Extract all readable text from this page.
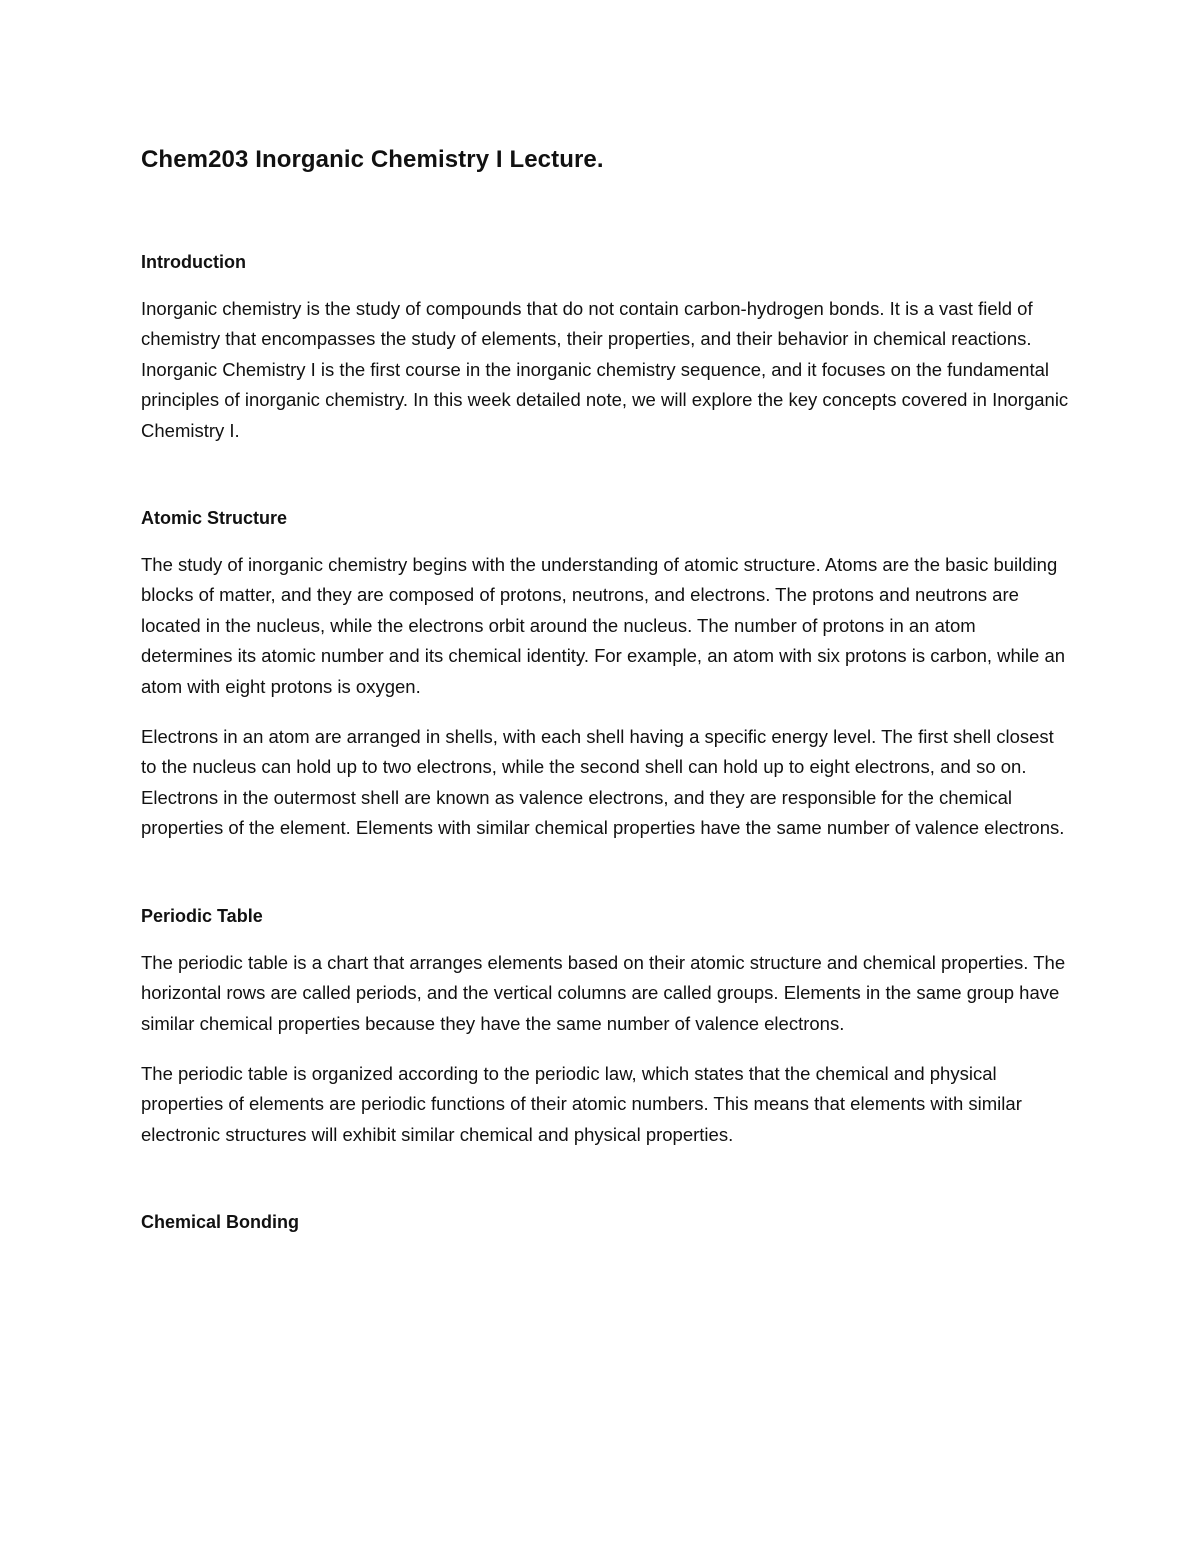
Chem203 Inorganic Chemistry I Lecture.
Introduction

Inorganic chemistry is the study of compounds that do not contain carbon-hydrogen bonds. It is a vast field of chemistry that encompasses the study of elements, their properties, and their behavior in chemical reactions. Inorganic Chemistry I is the first course in the inorganic chemistry sequence, and it focuses on the fundamental principles of inorganic chemistry. In this week detailed note, we will explore the key concepts covered in Inorganic Chemistry I.

Atomic Structure

The study of inorganic chemistry begins with the understanding of atomic structure. Atoms are the basic building blocks of matter, and they are composed of protons, neutrons, and electrons. The protons and neutrons are located in the nucleus, while the electrons orbit around the nucleus. The number of protons in an atom determines its atomic number and its chemical identity. For example, an atom with six protons is carbon, while an atom with eight protons is oxygen.

Electrons in an atom are arranged in shells, with each shell having a specific energy level. The first shell closest to the nucleus can hold up to two electrons, while the second shell can hold up to eight electrons, and so on. Electrons in the outermost shell are known as valence electrons, and they are responsible for the chemical properties of the element. Elements with similar chemical properties have the same number of valence electrons.

Periodic Table

The periodic table is a chart that arranges elements based on their atomic structure and chemical properties. The horizontal rows are called periods, and the vertical columns are called groups. Elements in the same group have similar chemical properties because they have the same number of valence electrons.

The periodic table is organized according to the periodic law, which states that the chemical and physical properties of elements are periodic functions of their atomic numbers. This means that elements with similar electronic structures will exhibit similar chemical and physical properties.

Chemical Bonding
